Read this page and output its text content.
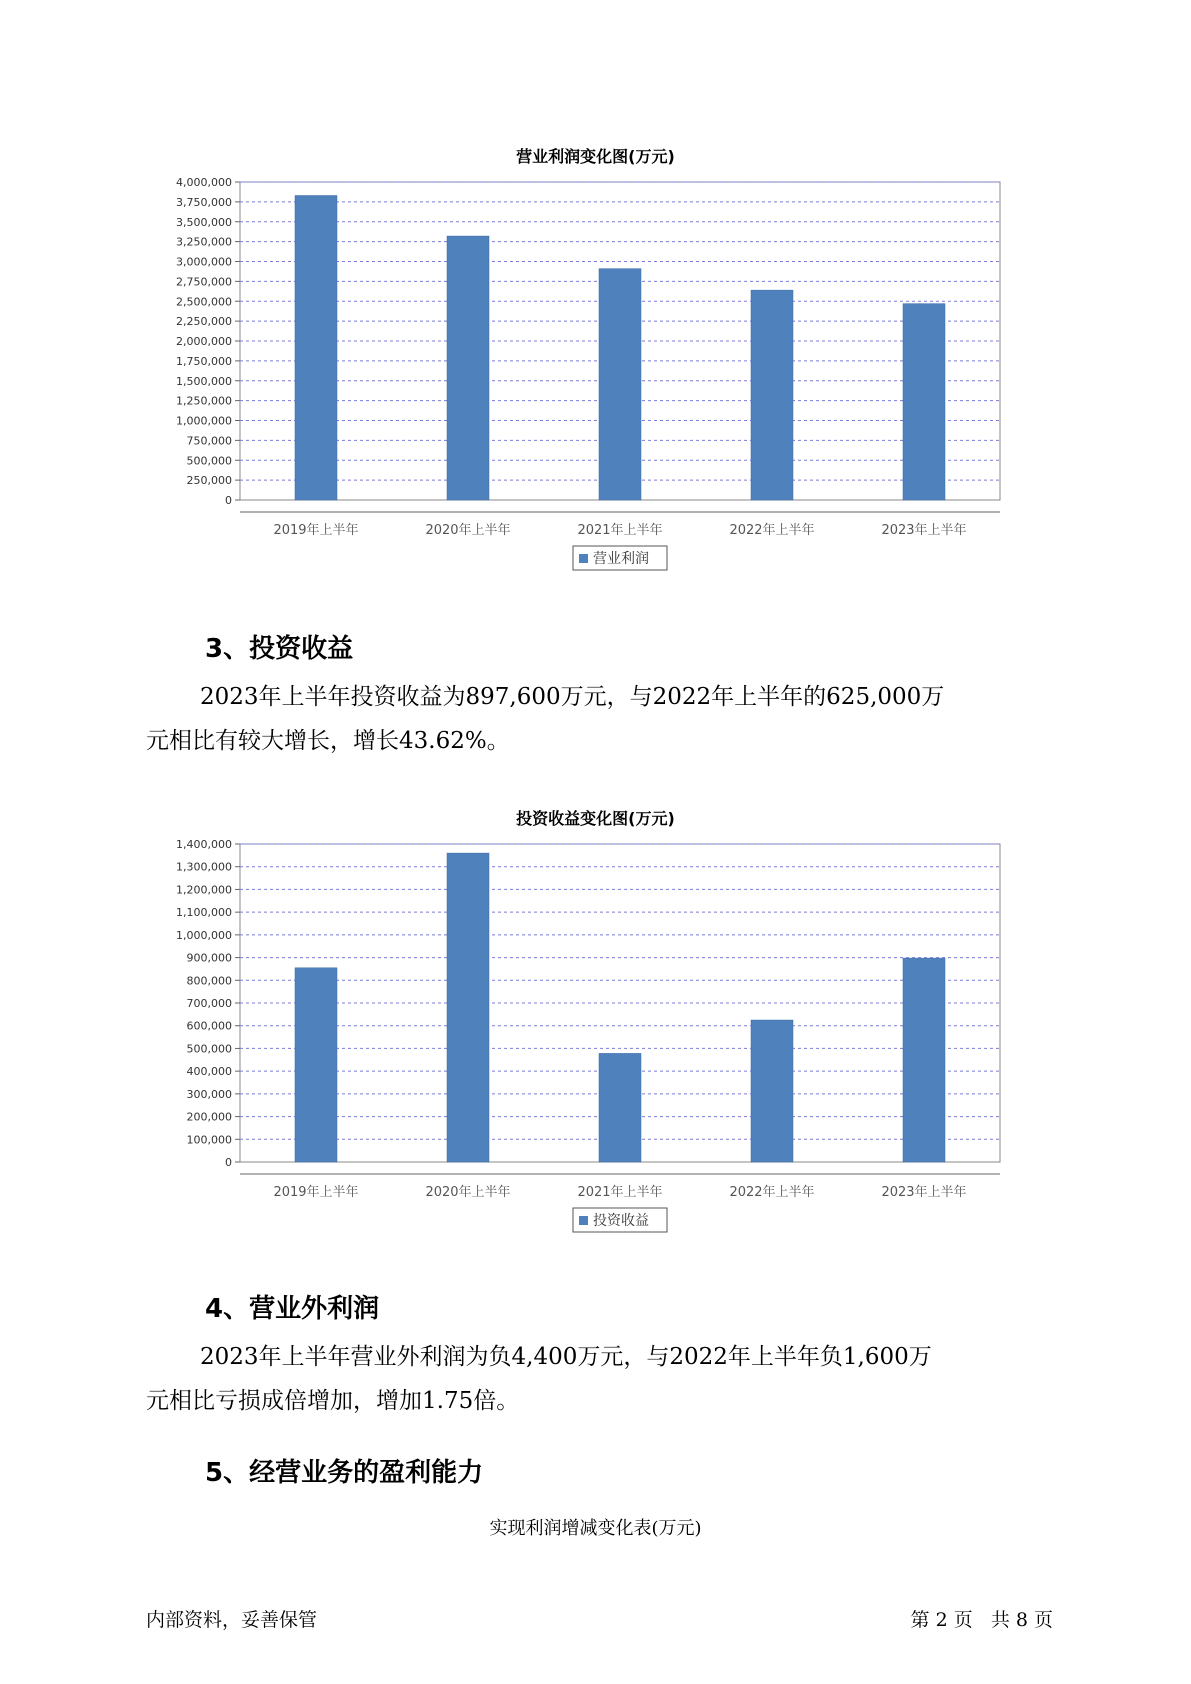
营业利润变化图(万元)
0
250,000
500,000
750,000
1,000,000
1,250,000
1,500,000
1,750,000
2,000,000
2,250,000
2,500,000
2,750,000
3,000,000
3,250,000
3,500,000
3,750,000
4,000,000
2019年上半年	2020年上半年	2021年上半年	2022年上半年	2023年上半年
营业利润
3、投资收益
2023年上半年投资收益为897,600万元，与2022年上半年的625,000万
元相比有较大增长，增长43.62%。
投资收益变化图(万元)
0
100,000
200,000
300,000
400,000
500,000
600,000
700,000
800,000
900,000
1,000,000
1,100,000
1,200,000
1,300,000
1,400,000
2019年上半年	2020年上半年	2021年上半年	2022年上半年	2023年上半年
投资收益
4、营业外利润
2023年上半年营业外利润为负4,400万元，与2022年上半年负1,600万
元相比亏损成倍增加，增加1.75倍。
5、经营业务的盈利能力
实现利润增减变化表(万元)
内部资料，妥善保管	第 2 页   共 8 页
